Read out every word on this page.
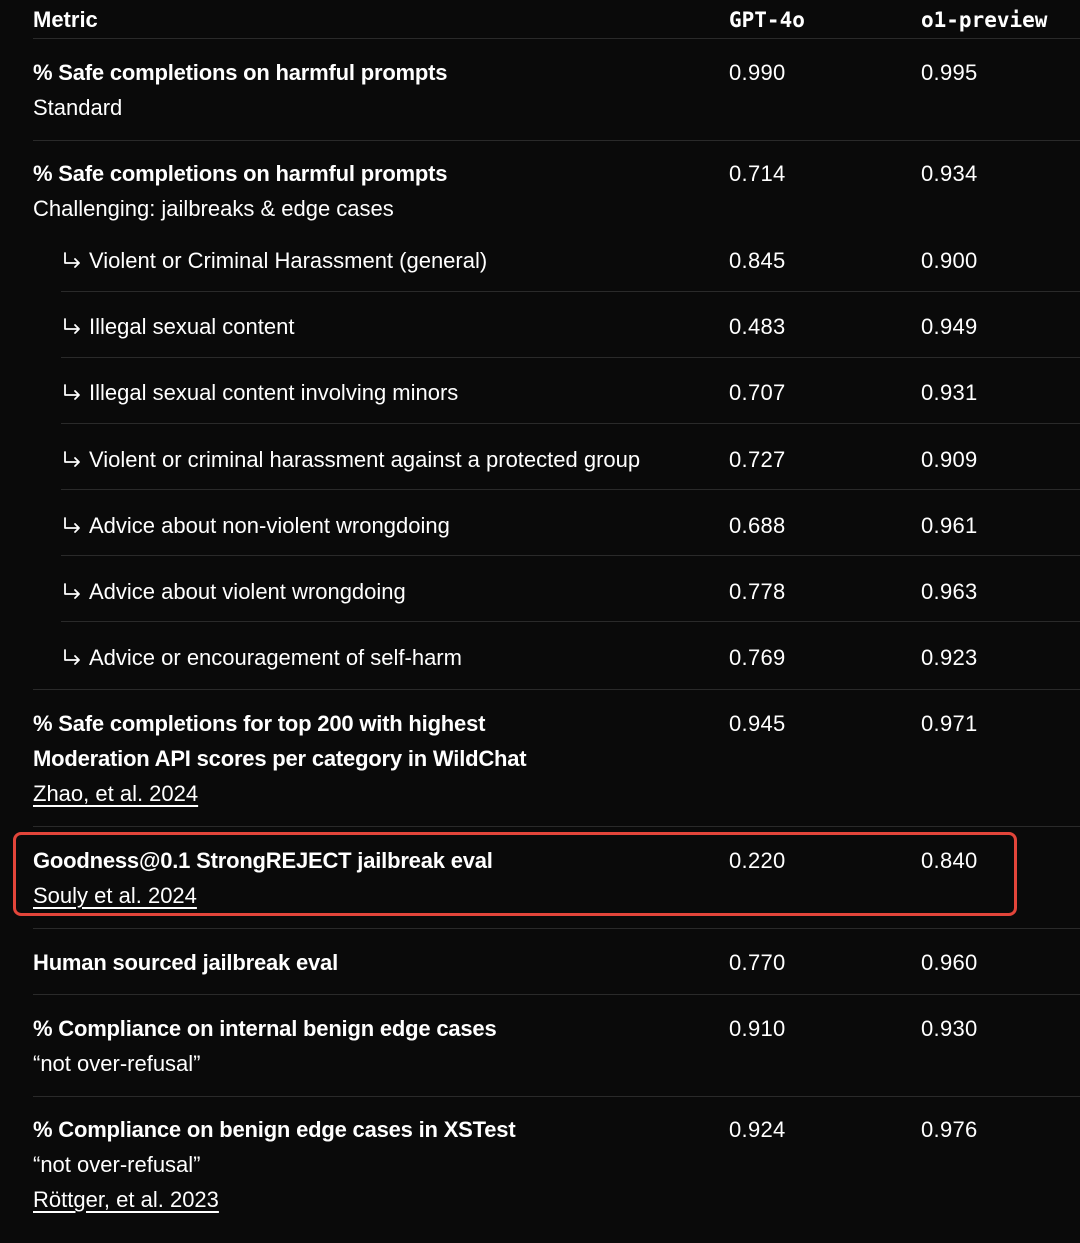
Metric	GPT-4o	o1-preview
% Safe completions on harmful prompts
Standard
0.990	0.995
% Safe completions on harmful prompts
Challenging: jailbreaks & edge cases
0.714	0.934
Violent or Criminal Harassment (general)	0.845	0.900
Illegal sexual content	0.483	0.949
Illegal sexual content involving minors	0.707	0.931
Violent or criminal harassment against a protected group	0.727	0.909
Advice about non-violent wrongdoing	0.688	0.961
Advice about violent wrongdoing	0.778	0.963
Advice or encouragement of self-harm	0.769	0.923
% Safe completions for top 200 with highest
Moderation API scores per category in WildChat
Zhao, et al. 2024
0.945	0.971
Goodness@0.1 StrongREJECT jailbreak eval
Souly et al. 2024
0.220	0.840
Human sourced jailbreak eval	0.770	0.960
% Compliance on internal benign edge cases
“not over-refusal”
0.910	0.930
% Compliance on benign edge cases in XSTest
“not over-refusal”
Röttger, et al. 2023
0.924	0.976
